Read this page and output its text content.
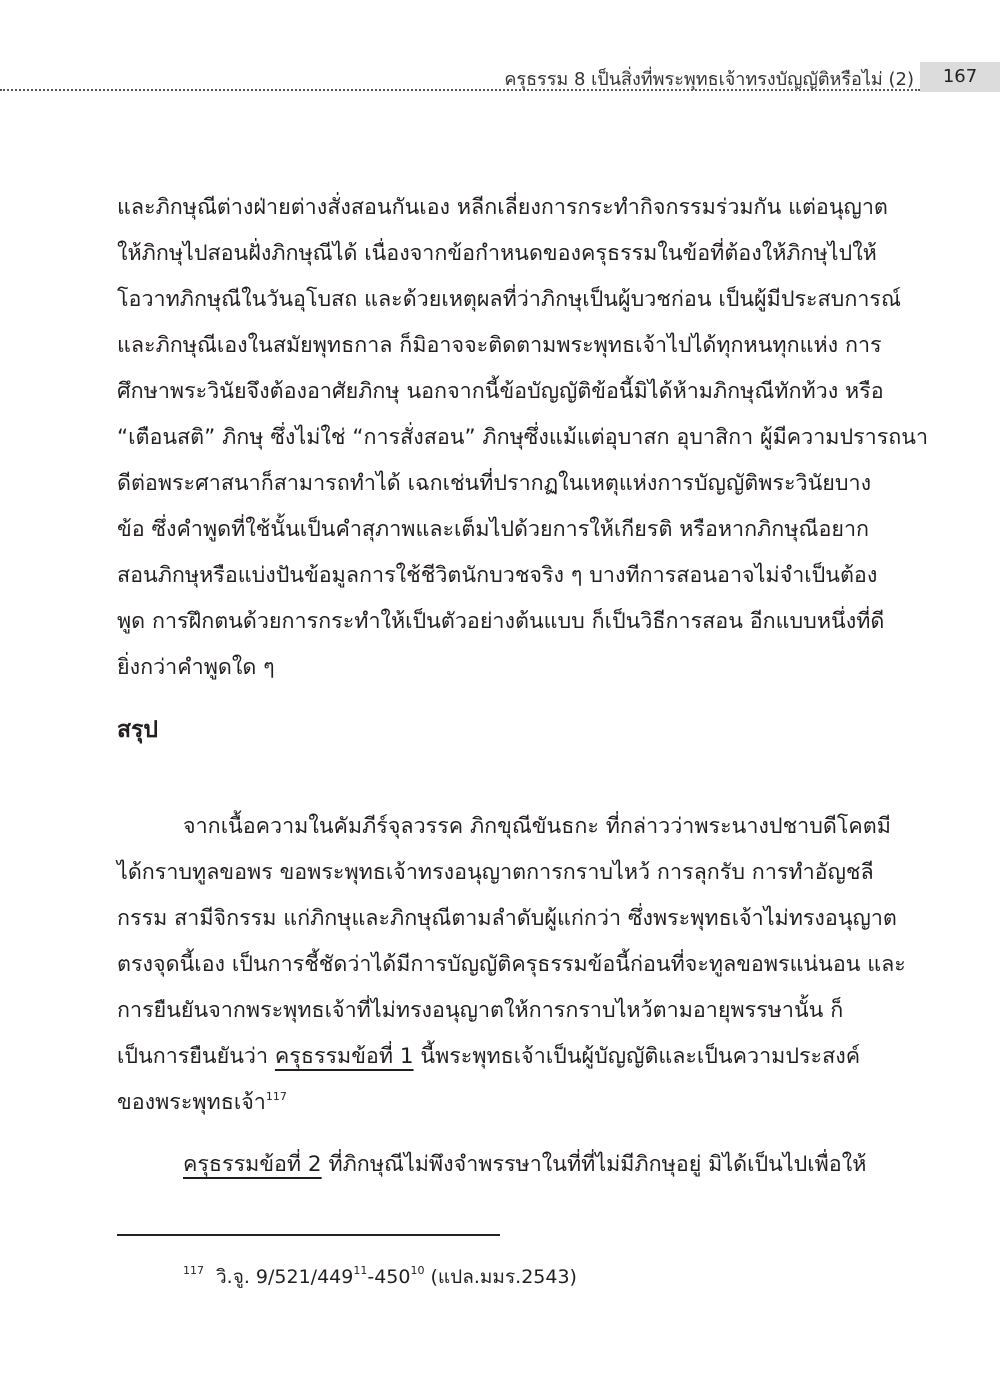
ครุธรรม 8 เป็นสิ่งที่พระพุทธเจ้าทรงบัญญัติหรือไม่ (2)	167
และภิกษุณีต่างฝ่ายต่างสั่งสอนกันเอง หลีกเลี่ยงการกระทำกิจกรรมร่วมกัน แต่อนุญาต
ให้ภิกษุไปสอนฝั่งภิกษุณีได้ เนื่องจากข้อกำหนดของครุธรรมในข้อที่ต้องให้ภิกษุไปให้
โอวาทภิกษุณีในวันอุโบสถ และด้วยเหตุผลที่ว่าภิกษุเป็นผู้บวชก่อน เป็นผู้มีประสบการณ์
และภิกษุณีเองในสมัยพุทธกาล ก็มิอาจจะติดตามพระพุทธเจ้าไปได้ทุกหนทุกแห่ง การ
ศึกษาพระวินัยจึงต้องอาศัยภิกษุ นอกจากนี้ข้อบัญญัติข้อนี้มิได้ห้ามภิกษุณีทักท้วง หรือ
“เตือนสติ” ภิกษุ ซึ่งไม่ใช่ “การสั่งสอน” ภิกษุซึ่งแม้แต่อุบาสก อุบาสิกา ผู้มีความปรารถนา
ดีต่อพระศาสนาก็สามารถทำได้ เฉกเช่นที่ปรากฏในเหตุแห่งการบัญญัติพระวินัยบาง
ข้อ ซึ่งคำพูดที่ใช้นั้นเป็นคำสุภาพและเต็มไปด้วยการให้เกียรติ หรือหากภิกษุณีอยาก
สอนภิกษุหรือแบ่งปันข้อมูลการใช้ชีวิตนักบวชจริง ๆ บางทีการสอนอาจไม่จำเป็นต้อง
พูด การฝึกตนด้วยการกระทำให้เป็นตัวอย่างต้นแบบ ก็เป็นวิธีการสอน อีกแบบหนึ่งที่ดี
ยิ่งกว่าคำพูดใด ๆ
สรุป
จากเนื้อความในคัมภีร์จุลวรรค ภิกขุณีขันธกะ ที่กล่าวว่าพระนางปชาบดีโคตมี
ได้กราบทูลขอพร ขอพระพุทธเจ้าทรงอนุญาตการกราบไหว้ การลุกรับ การทำอัญชลี
กรรม สามีจิกรรม แก่ภิกษุและภิกษุณีตามลำดับผู้แก่กว่า ซึ่งพระพุทธเจ้าไม่ทรงอนุญาต
ตรงจุดนี้เอง เป็นการชี้ชัดว่าได้มีการบัญญัติครุธรรมข้อนี้ก่อนที่จะทูลขอพรแน่นอน และ
การยืนยันจากพระพุทธเจ้าที่ไม่ทรงอนุญาตให้การกราบไหว้ตามอายุพรรษานั้น ก็
เป็นการยืนยันว่า ครุธรรมข้อที่ 1 นี้พระพุทธเจ้าเป็นผู้บัญญัติและเป็นความประสงค์
ของพระพุทธเจ้า$^{117}$
ครุธรรมข้อที่ 2 ที่ภิกษุณีไม่พึงจำพรรษาในที่ที่ไม่มีภิกษุอยู่ มิได้เป็นไปเพื่อให้
$^{117}$ วิ.จู. $9/521/449^{11}-450^{10}$ (แปล.มมร.2543)
